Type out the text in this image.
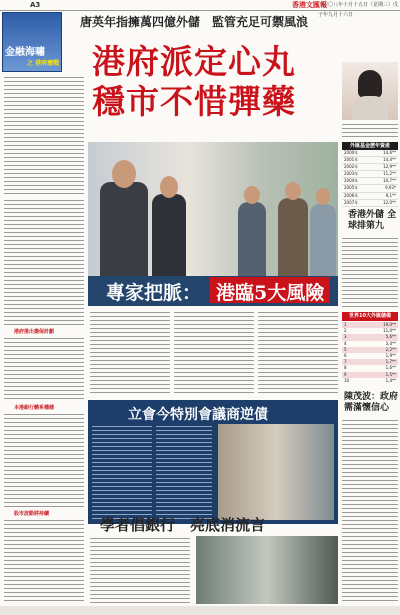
A3	香港文匯報
二〇〇八年十月十五日（星期三）戊子年九月十六日
金融海嘯
之 港府應戰
唐英年指擁萬四億外儲　監管充足可禦風浪
港府派定心丸
穩市不惜彈藥
港府推出擔保計劃
本港銀行體系穩健
股市波動將持續
專家把脈： 港臨5大風險
立會今特別會議商逆債
學者倡銀行　亮底消流言
外匯基金歷年資產
2000年	14,6**
2001年	14,4**
2002年	12,9**
2003年	11,2**
2004年	10,7**
2005年	9,93*
2006年	9,1**
2007年	12,0**
香港外儲 全球排第九
世界10大外匯儲備
1	19,0**
2	11,0**
3	5,6**
4	3,4**
5	2,2**
6	1,9**
7	1,7**
8	1,6**
9	1,5**
10	1,4**
陳茂波：政府需滿懷信心
